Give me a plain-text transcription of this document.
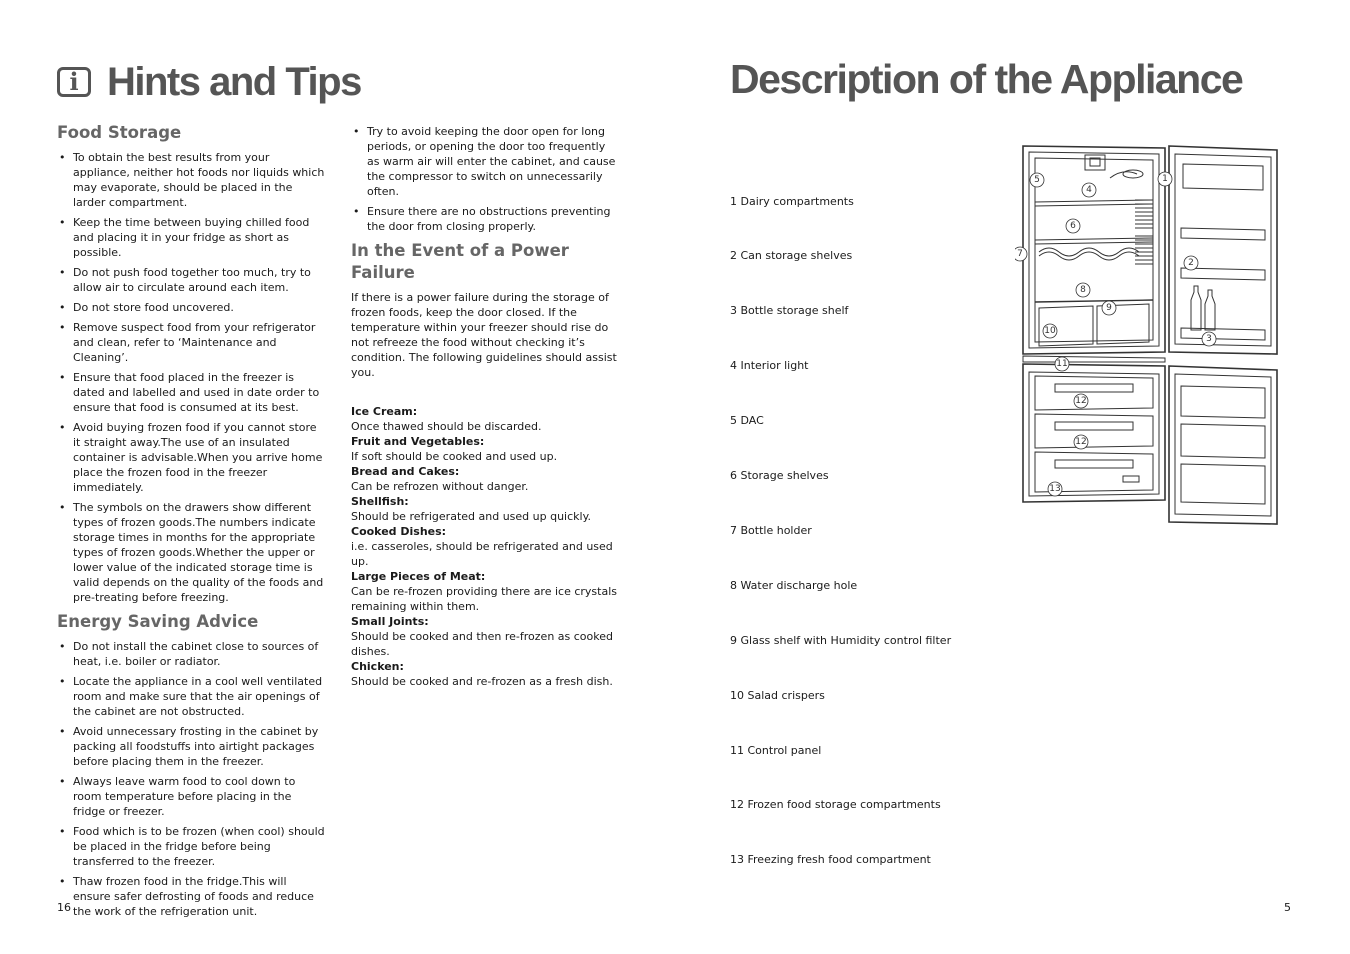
i Hints and Tips
Food Storage
• To obtain the best results from your appliance, neither hot foods nor liquids which may evaporate, should be placed in the larder compartment.
• Keep the time between buying chilled food and placing it in your fridge as short as possible.
• Do not push food together too much, try to allow air to circulate around each item.
• Do not store food uncovered.
• Remove suspect food from your refrigerator and clean, refer to ‘Maintenance and Cleaning’.
• Ensure that food placed in the freezer is dated and labelled and used in date order to ensure that food is consumed at its best.
• Avoid buying frozen food if you cannot store it straight away.The use of an insulated container is advisable.When you arrive home place the frozen food in the freezer immediately.
• The symbols on the drawers show different types of frozen goods.The numbers indicate storage times in months for the appropriate types of frozen goods.Whether the upper or lower value of the indicated storage time is valid depends on the quality of the foods and pre-treating before freezing.
Energy Saving Advice
• Do not install the cabinet close to sources of heat, i.e. boiler or radiator.
• Locate the appliance in a cool well ventilated room and make sure that the air openings of the cabinet are not obstructed.
• Avoid unnecessary frosting in the cabinet by packing all foodstuffs into airtight packages before placing them in the freezer.
• Always leave warm food to cool down to room temperature before placing in the fridge or freezer.
• Food which is to be frozen (when cool) should be placed in the fridge before being transferred to the freezer.
• Thaw frozen food in the fridge.This will ensure safer defrosting of foods and reduce the work of the refrigeration unit.
• Try to avoid keeping the door open for long periods, or opening the door too frequently as warm air will enter the cabinet, and cause the compressor to switch on unnecessarily often.
• Ensure there are no obstructions preventing the door from closing properly.
In the Event of a Power Failure

If there is a power failure during the storage of frozen foods, keep the door closed. If the temperature within your freezer should rise do not refreeze the food without checking it’s condition. The following guidelines should assist you.

Ice Cream:
Once thawed should be discarded.
Fruit and Vegetables:
If soft should be cooked and used up.
Bread and Cakes:
Can be refrozen without danger.
Shellfish:
Should be refrigerated and used up quickly.
Cooked Dishes:
i.e. casseroles, should be refrigerated and used up.
Large Pieces of Meat:
Can be re-frozen providing there are ice crystals remaining within them.
Small Joints:
Should be cooked and then re-frozen as cooked dishes.
Chicken:
Should be cooked and re-frozen as a fresh dish.
16
Description of the Appliance

1 Dairy compartments

2 Can storage shelves

3 Bottle storage shelf

4 Interior light

5 DAC

6 Storage shelves

7 Bottle holder

8 Water discharge hole

9 Glass shelf with Humidity control filter

10 Salad crispers

11 Control panel

12 Frozen food storage compartments

13 Freezing fresh food compartment

5
4
6
7
8
9
10
11
12
12
13
1
2
3
5
